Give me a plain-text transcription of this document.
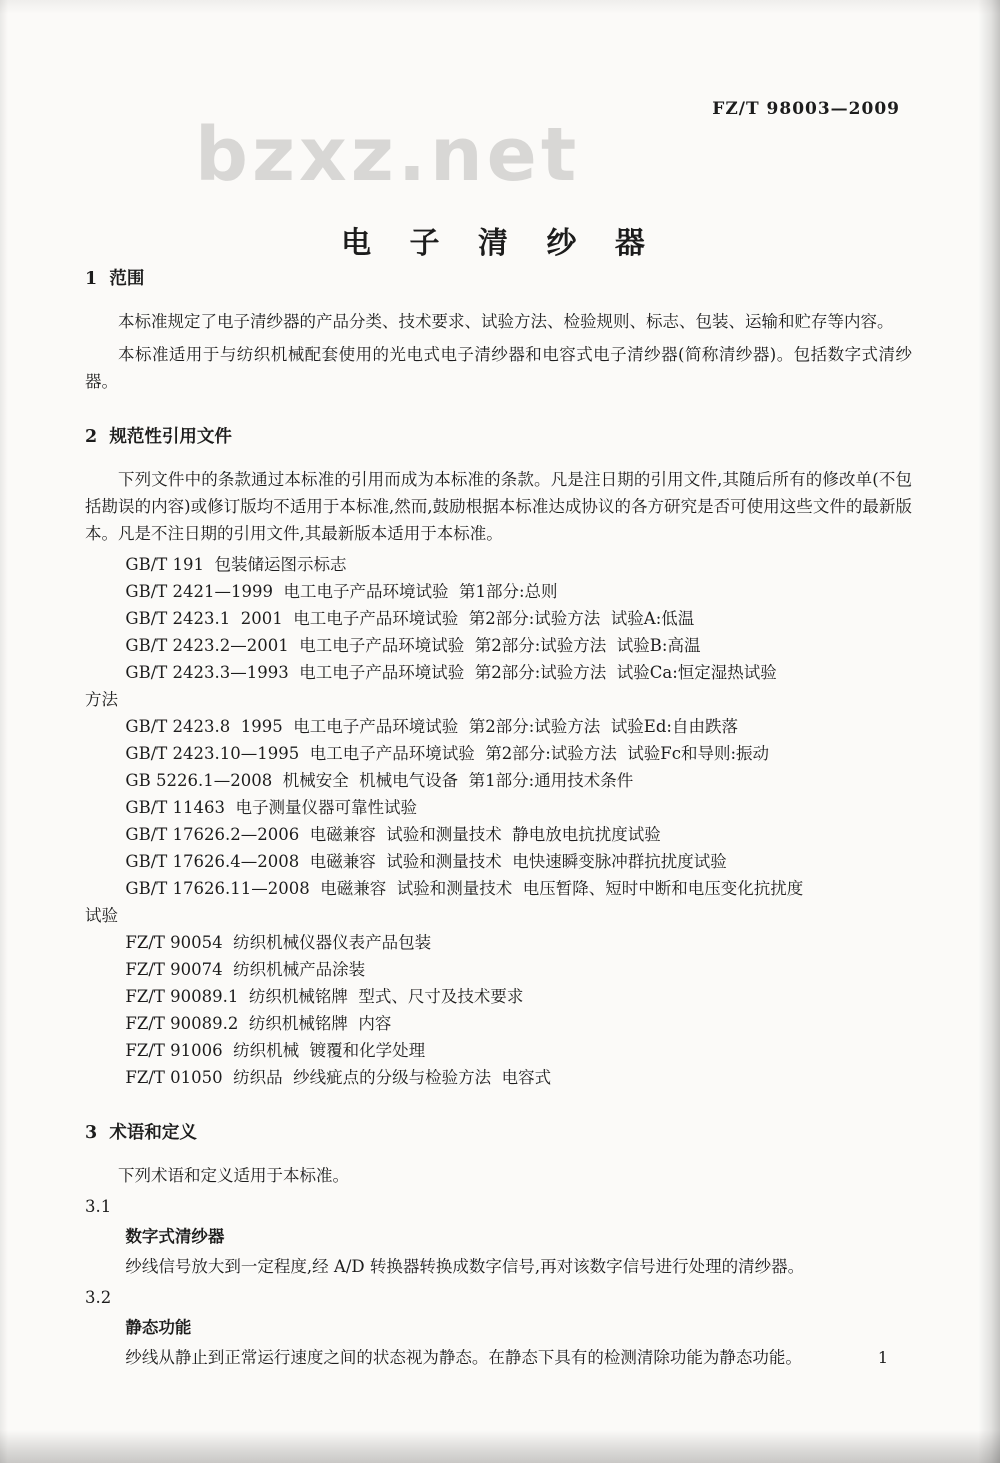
FZ/T 98003—2009
bzxz.net
电 子 清 纱 器
1  范围

本标准规定了电子清纱器的产品分类、技术要求、试验方法、检验规则、标志、包装、运输和贮存等内容。

本标准适用于与纺织机械配套使用的光电式电子清纱器和电容式电子清纱器(简称清纱器)。包括数字式清纱器。

2  规范性引用文件

下列文件中的条款通过本标准的引用而成为本标准的条款。凡是注日期的引用文件,其随后所有的修改单(不包括勘误的内容)或修订版均不适用于本标准,然而,鼓励根据本标准达成协议的各方研究是否可使用这些文件的最新版本。凡是不注日期的引用文件,其最新版本适用于本标准。

GB/T 191  包装储运图示标志
GB/T 2421—1999  电工电子产品环境试验  第1部分:总则
GB/T 2423.1  2001  电工电子产品环境试验  第2部分:试验方法  试验A:低温
GB/T 2423.2—2001  电工电子产品环境试验  第2部分:试验方法  试验B:高温
GB/T 2423.3—1993  电工电子产品环境试验  第2部分:试验方法  试验Ca:恒定湿热试验
方法
GB/T 2423.8  1995  电工电子产品环境试验  第2部分:试验方法  试验Ed:自由跌落
GB/T 2423.10—1995  电工电子产品环境试验  第2部分:试验方法  试验Fc和导则:振动
GB 5226.1—2008  机械安全  机械电气设备  第1部分:通用技术条件
GB/T 11463  电子测量仪器可靠性试验
GB/T 17626.2—2006  电磁兼容  试验和测量技术  静电放电抗扰度试验
GB/T 17626.4—2008  电磁兼容  试验和测量技术  电快速瞬变脉冲群抗扰度试验
GB/T 17626.11—2008  电磁兼容  试验和测量技术  电压暂降、短时中断和电压变化抗扰度
试验
FZ/T 90054  纺织机械仪器仪表产品包装
FZ/T 90074  纺织机械产品涂装
FZ/T 90089.1  纺织机械铭牌  型式、尺寸及技术要求
FZ/T 90089.2  纺织机械铭牌  内容
FZ/T 91006  纺织机械  镀覆和化学处理
FZ/T 01050  纺织品  纱线疵点的分级与检验方法  电容式
3  术语和定义

下列术语和定义适用于本标准。

3.1
数字式清纱器

纱线信号放大到一定程度,经 A/D 转换器转换成数字信号,再对该数字信号进行处理的清纱器。

3.2
静态功能

纱线从静止到正常运行速度之间的状态视为静态。在静态下具有的检测清除功能为静态功能。	1
